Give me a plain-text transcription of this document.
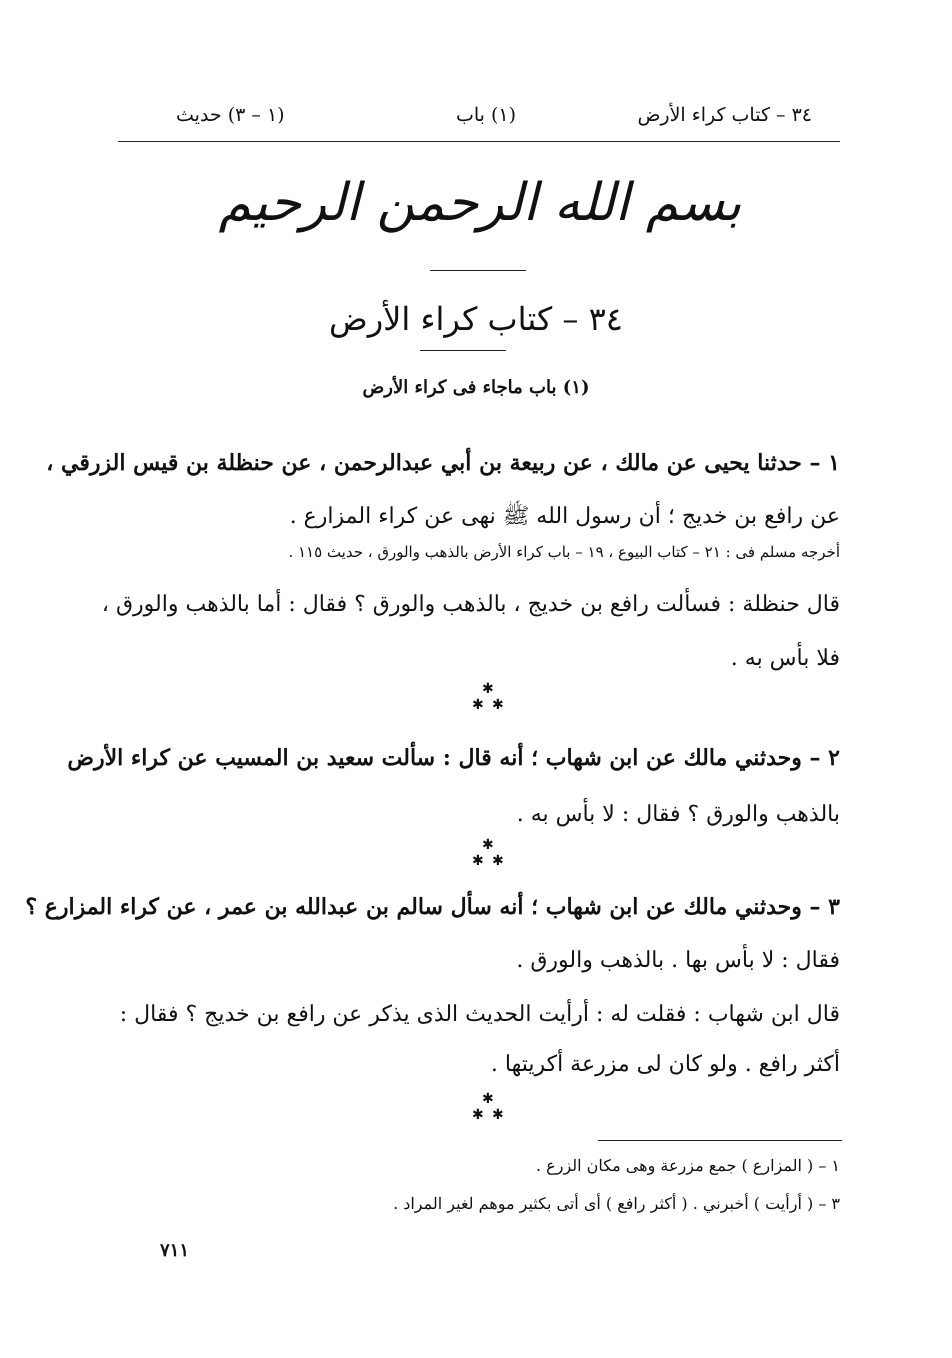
٣٤ – كتاب كراء الأرض
(١) باب
(١ – ٣) حديث
بسم الله الرحمن الرحيم
٣٤ – كتاب كراء الأرض
(١) باب ماجاء فى كراء الأرض
١ – حدثنا يحيى عن مالك ، عن ربيعة بن أبي عبدالرحمن ، عن حنظلة بن قيس الزرقي ،
عن رافع بن خديج ؛ أن رسول الله ﷺ نهى عن كراء المزارع .
أخرجه مسلم فى : ٢١ – كتاب البيوع ، ١٩ – باب كراء الأرض بالذهب والورق ، حديث ١١٥ .
قال حنظلة : فسألت رافع بن خديج ، بالذهب والورق ؟ فقال : أما بالذهب والورق ،
فلا بأس به .
✱
✱ ✱
٢ – وحدثني مالك عن ابن شهاب ؛ أنه قال : سألت سعيد بن المسيب عن كراء الأرض
بالذهب والورق ؟ فقال : لا بأس به .
✱
✱ ✱
٣ – وحدثني مالك عن ابن شهاب ؛ أنه سأل سالم بن عبدالله بن عمر ، عن كراء المزارع ؟
فقال : لا بأس بها . بالذهب والورق .
قال ابن شهاب : فقلت له : أرأيت الحديث الذى يذكر عن رافع بن خديج ؟ فقال :
أكثر رافع . ولو كان لى مزرعة أكريتها .
✱
✱ ✱
١ – ( المزارع ) جمع مزرعة وهى مكان الزرع .
٣ – ( أرأيت ) أخبرني . ( أكثر رافع ) أى أتى بكثير موهم لغير المراد .
٧١١
